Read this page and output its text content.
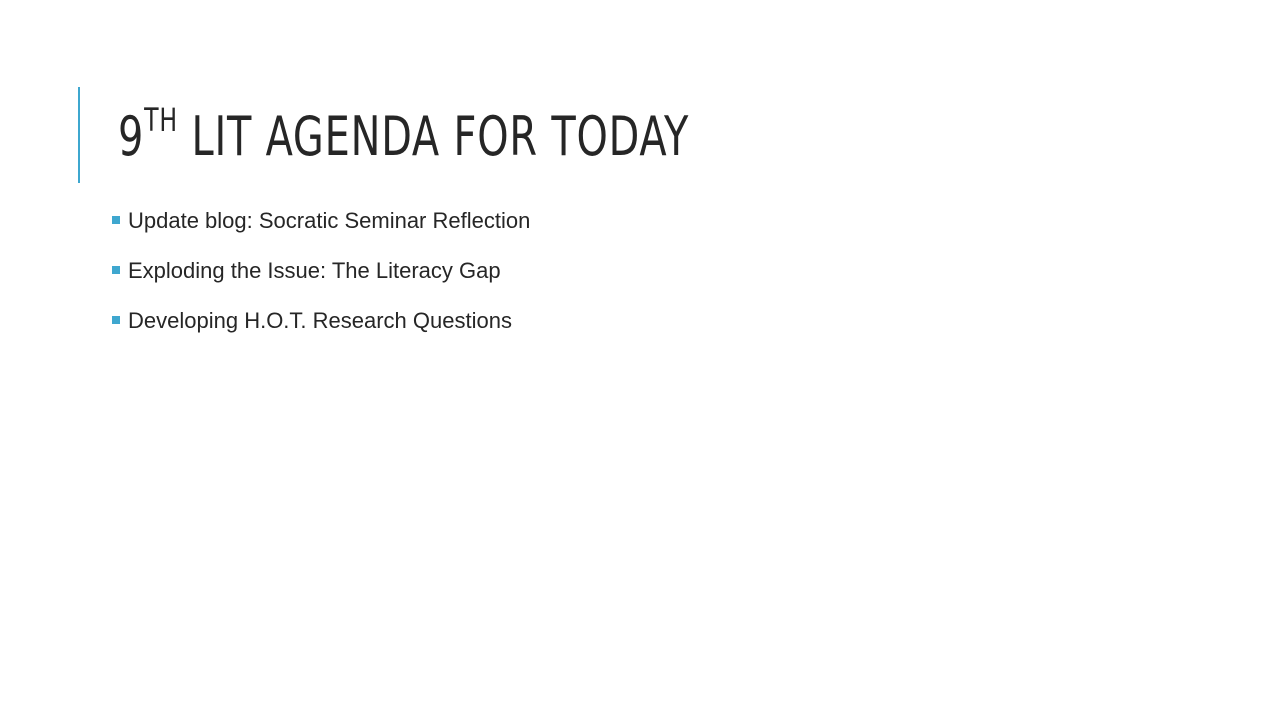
9TH LIT AGENDA FOR TODAY
Update blog: Socratic Seminar Reflection
Exploding the Issue: The Literacy Gap
Developing H.O.T. Research Questions
